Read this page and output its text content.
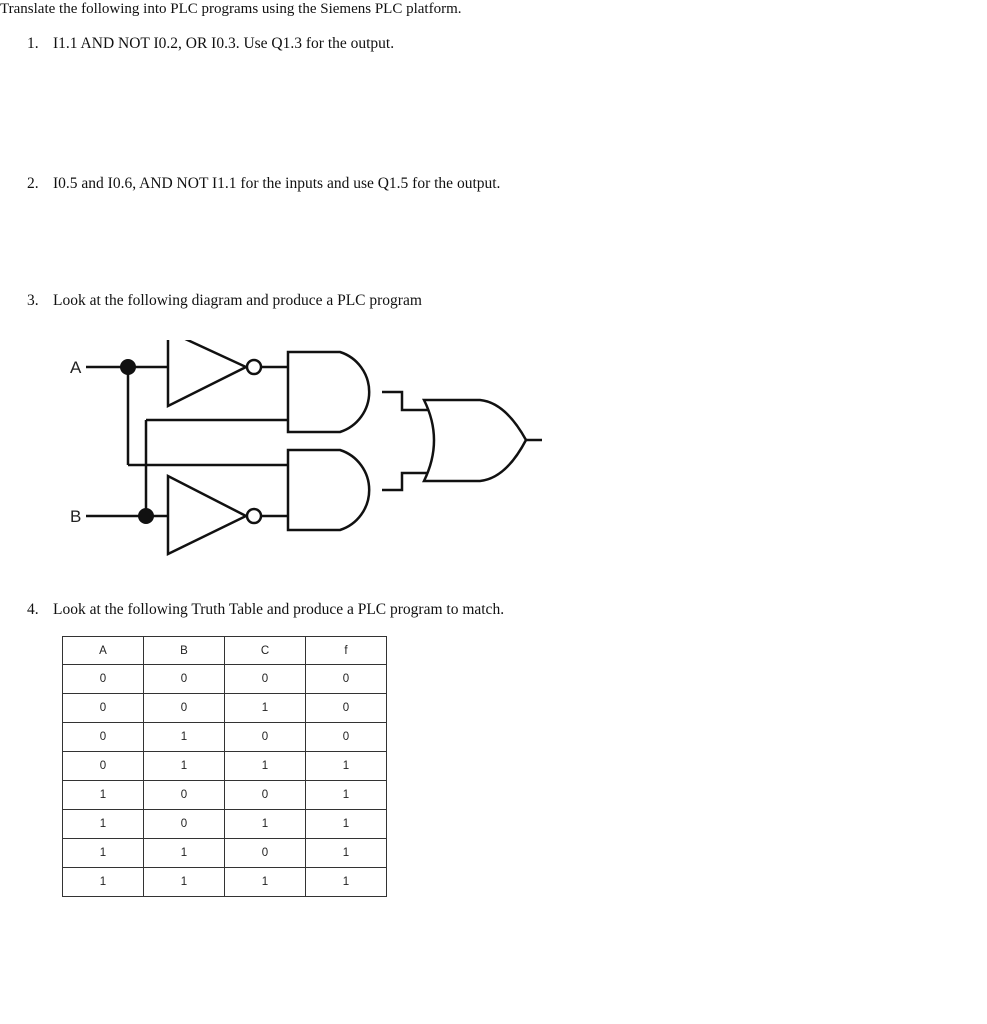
Translate the following into PLC programs using the Siemens PLC platform.
1. I1.1 AND NOT I0.2, OR I0.3. Use Q1.3 for the output.
2. I0.5 and I0.6, AND NOT I1.1 for the inputs and use Q1.5 for the output.
3. Look at the following diagram and produce a PLC program
A
B
4. Look at the following Truth Table and produce a PLC program to match.
A	B	C	f
0	0	0	0
0	0	1	0
0	1	0	0
0	1	1	1
1	0	0	1
1	0	1	1
1	1	0	1
1	1	1	1
